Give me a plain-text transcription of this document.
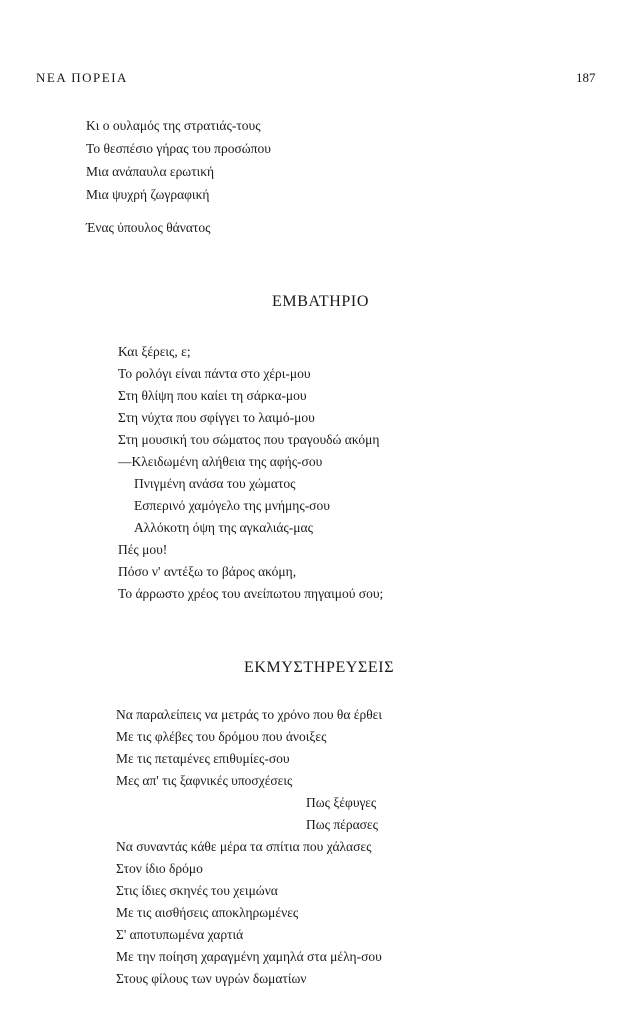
ΝΕΑ ΠΟΡΕΙΑ	187
Κι ο ουλαμός της στρατιάς-τους
Το θεσπέσιο γήρας του προσώπου
Μια ανάπαυλα ερωτική
Μια ψυχρή ζωγραφική
Ένας ύπουλος θάνατος
ΕΜΒΑΤΗΡΙΟ
Και ξέρεις, ε;
Το ρολόγι είναι πάντα στο χέρι-μου
Στη θλίψη που καίει τη σάρκα-μου
Στη νύχτα που σφίγγει το λαιμό-μου
Στη μουσική του σώματος που τραγουδώ ακόμη
—Κλειδωμένη αλήθεια της αφής-σου
Πνιγμένη ανάσα του χώματος
Εσπερινό χαμόγελο της μνήμης-σου
Αλλόκοτη όψη της αγκαλιάς-μας
Πές μου!
Πόσο ν' αντέξω το βάρος ακόμη,
Το άρρωστο χρέος του ανείπωτου πηγαιμού σου;
ΕΚΜΥΣΤΗΡΕΥΣΕΙΣ
Να παραλείπεις να μετράς το χρόνο που θα έρθει
Με τις φλέβες του δρόμου που άνοιξες
Με τις πεταμένες επιθυμίες-σου
Μες απ' τις ξαφνικές υποσχέσεις
Πως ξέφυγες
Πως πέρασες
Να συναντάς κάθε μέρα τα σπίτια που χάλασες
Στον ίδιο δρόμο
Στις ίδιες σκηνές του χειμώνα
Με τις αισθήσεις αποκληρωμένες
Σ' αποτυπωμένα χαρτιά
Με την ποίηση χαραγμένη χαμηλά στα μέλη-σου
Στους φίλους των υγρών δωματίων
